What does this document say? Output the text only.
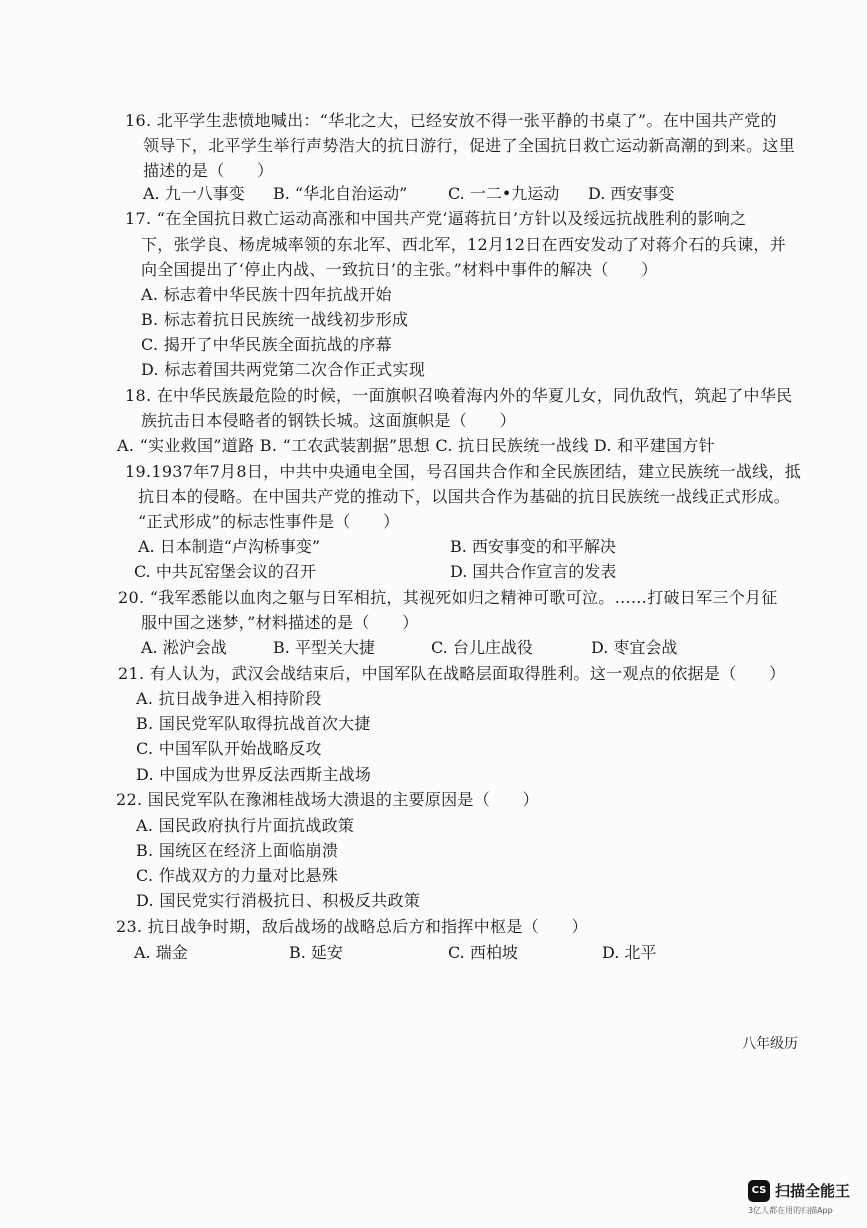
16. 北平学生悲愤地喊出：“华北之大，已经安放不得一张平静的书桌了”。在中国共产党的
领导下，北平学生举行声势浩大的抗日游行，促进了全国抗日救亡运动新高潮的到来。这里
描述的是（　　）
A. 九一八事变 B. “华北自治运动”	C. 一二•九运动 D. 西安事变
17. “在全国抗日救亡运动高涨和中国共产党‘逼蒋抗日’方针以及绥远抗战胜利的影响之
下，张学良、杨虎城率领的东北军、西北军，12月12日在西安发动了对蒋介石的兵谏，并
向全国提出了‘停止内战、一致抗日’的主张。”材料中事件的解决（　　）
A. 标志着中华民族十四年抗战开始
B. 标志着抗日民族统一战线初步形成
C. 揭开了中华民族全面抗战的序幕
D. 标志着国共两党第二次合作正式实现
18. 在中华民族最危险的时候，一面旗帜召唤着海内外的华夏儿女，同仇敌忾，筑起了中华民
族抗击日本侵略者的钢铁长城。这面旗帜是（　　）
A. “实业救国”道路 B. “工农武装割据”思想 C. 抗日民族统一战线 D. 和平建国方针
19.1937年7月8日，中共中央通电全国，号召国共合作和全民族团结，建立民族统一战线，抵
抗日本的侵略。在中国共产党的推动下，以国共合作为基础的抗日民族统一战线正式形成。
“正式形成”的标志性事件是（　　）
A. 日本制造“卢沟桥事变”	B. 西安事变的和平解决
C. 中共瓦窑堡会议的召开	D. 国共合作宣言的发表
20. “我军悉能以血肉之躯与日军相抗，其视死如归之精神可歌可泣。……打破日军三个月征
服中国之迷梦，”材料描述的是（　　）
A. 淞沪会战	B. 平型关大捷	C. 台儿庄战役	D. 枣宜会战
21. 有人认为，武汉会战结束后，中国军队在战略层面取得胜利。这一观点的依据是（　　）
A. 抗日战争进入相持阶段
B. 国民党军队取得抗战首次大捷
C. 中国军队开始战略反攻
D. 中国成为世界反法西斯主战场
22. 国民党军队在豫湘桂战场大溃退的主要原因是（　　）
A. 国民政府执行片面抗战政策
B. 国统区在经济上面临崩溃
C. 作战双方的力量对比悬殊
D. 国民党实行消极抗日、积极反共政策
23. 抗日战争时期，敌后战场的战略总后方和指挥中枢是（　　）
A. 瑞金	B. 延安	C. 西柏坡	D. 北平
八年级历
CS 扫描全能王
3亿人都在用的扫描App
